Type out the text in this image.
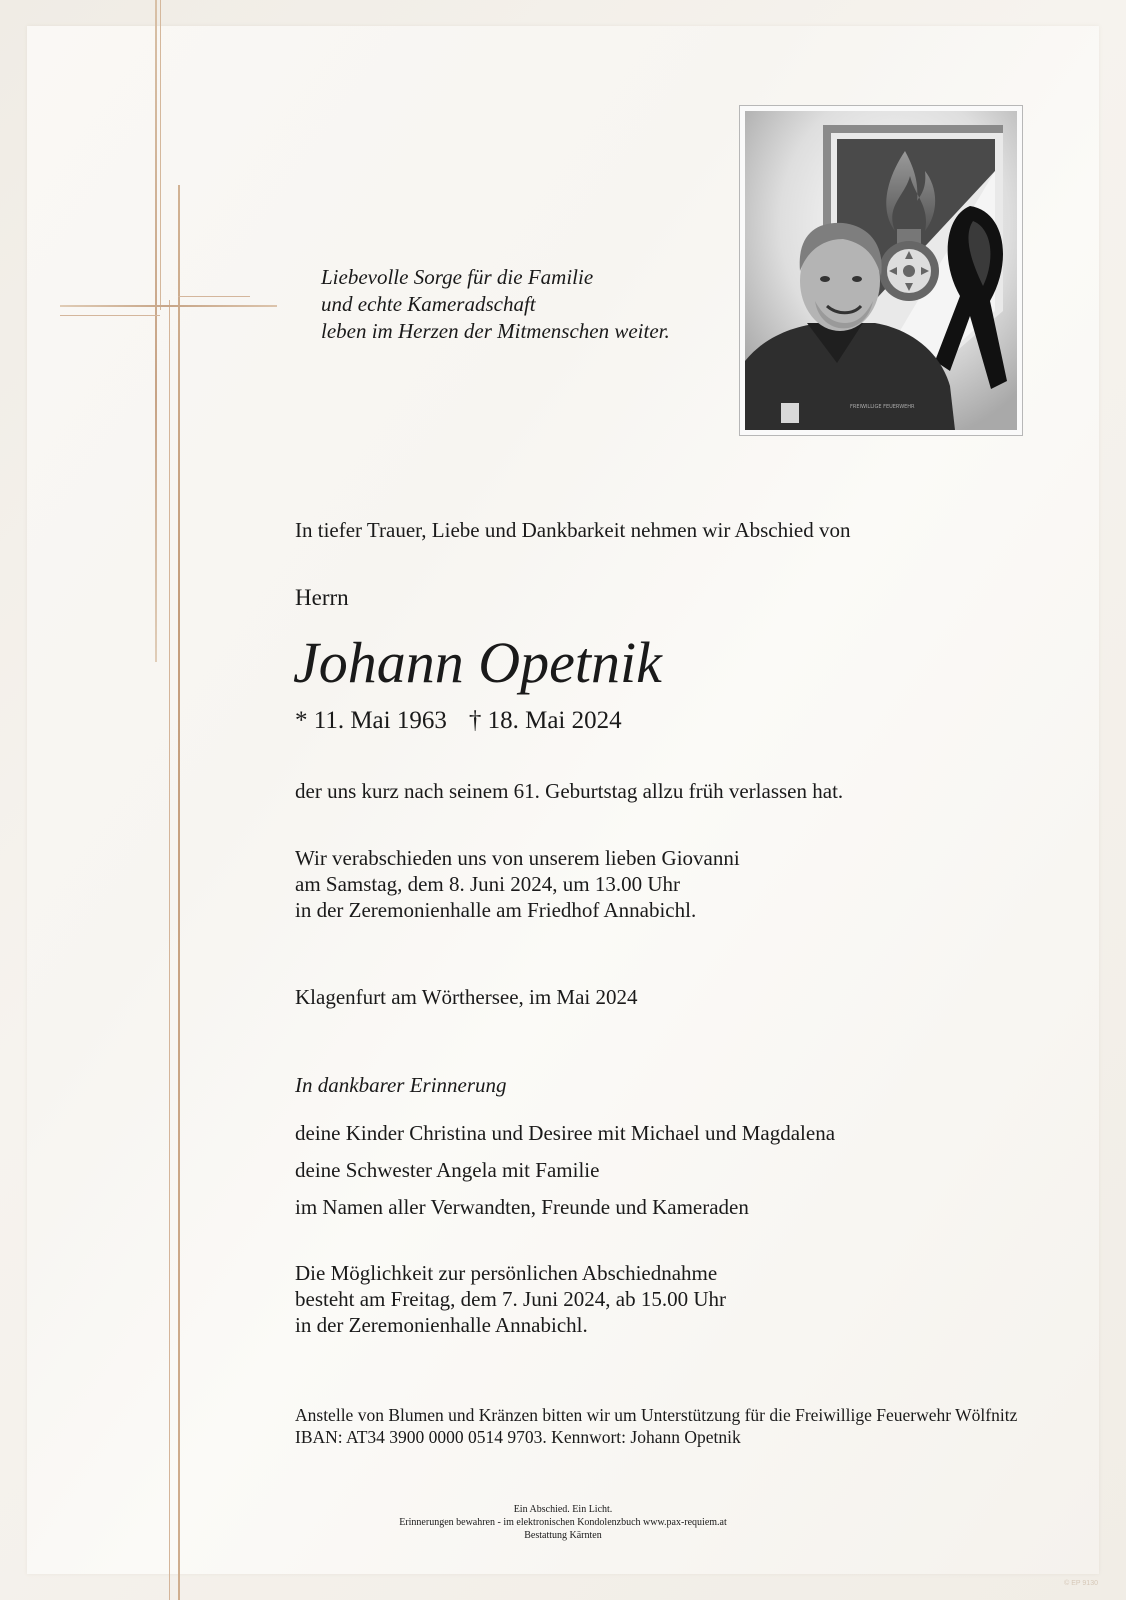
Liebevolle Sorge für die Familie
und echte Kameradschaft
leben im Herzen der Mitmenschen weiter.
FREIWILLIGE FEUERWEHR
In tiefer Trauer, Liebe und Dankbarkeit nehmen wir Abschied von
Herrn
Johann Opetnik
* 11. Mai 1963 † 18. Mai 2024
der uns kurz nach seinem 61. Geburtstag allzu früh verlassen hat.
Wir verabschieden uns von unserem lieben Giovanni
am Samstag, dem 8. Juni 2024, um 13.00 Uhr
in der Zeremonienhalle am Friedhof Annabichl.
Klagenfurt am Wörthersee, im Mai 2024
In dankbarer Erinnerung
deine Kinder Christina und Desiree mit Michael und Magdalena
deine Schwester Angela mit Familie
im Namen aller Verwandten, Freunde und Kameraden
Die Möglichkeit zur persönlichen Abschiednahme
besteht am Freitag, dem 7. Juni 2024, ab 15.00 Uhr
in der Zeremonienhalle Annabichl.
Anstelle von Blumen und Kränzen bitten wir um Unterstützung für die Freiwillige Feuerwehr Wölfnitz
IBAN: AT34 3900 0000 0514 9703. Kennwort: Johann Opetnik
Ein Abschied. Ein Licht.
Erinnerungen bewahren - im elektronischen Kondolenzbuch www.pax-requiem.at
Bestattung Kärnten
© EP 9130
